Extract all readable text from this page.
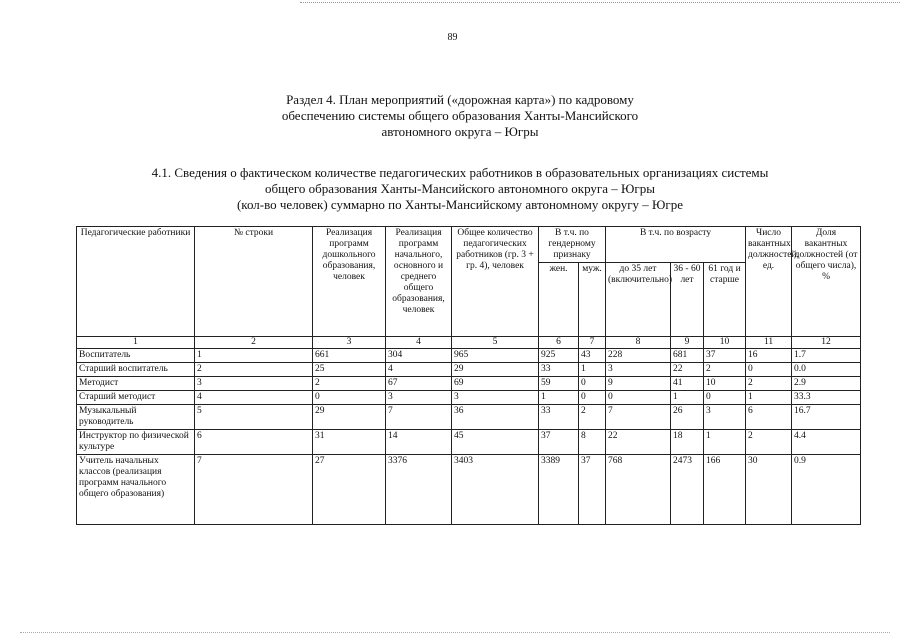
89
Раздел 4. План мероприятий («дорожная карта») по кадровому
обеспечению системы общего образования Ханты-Мансийского
автономного округа – Югры
4.1. Сведения о фактическом количестве педагогических работников в образовательных организациях системы
общего образования Ханты-Мансийского автономного округа – Югры
(кол-во человек) суммарно по Ханты-Мансийскому автономному округу – Югре
Педагогические работники	№ строки	Реализация программ дошкольного образования, человек	Реализация программ начального, основного и среднего общего образования, человек	Общее количество педагогических работников (гр. 3 + гр. 4), человек	В т.ч. по гендерному признаку		В т.ч. по возрасту			Число вакантных должностей, ед.	Доля вакантных должностей (от общего числа), %
					жен.	муж.	до 35 лет (включительно)	36 - 60 лет	61 год и старше		
1	2	3	4	5	6	7	8	9	10	11	12
Воспитатель	1	661	304	965	925	43	228	681	37	16	1.7
Старший воспитатель	2	25	4	29	33	1	3	22	2	0	0.0
Методист	3	2	67	69	59	0	9	41	10	2	2.9
Старший методист	4	0	3	3	1	0	0	1	0	1	33.3
Музыкальный руководитель	5	29	7	36	33	2	7	26	3	6	16.7
Инструктор по физической культуре	6	31	14	45	37	8	22	18	1	2	4.4
Учитель начальных классов (реализация программ начального общего образования)	7	27	3376	3403	3389	37	768	2473	166	30	0.9
